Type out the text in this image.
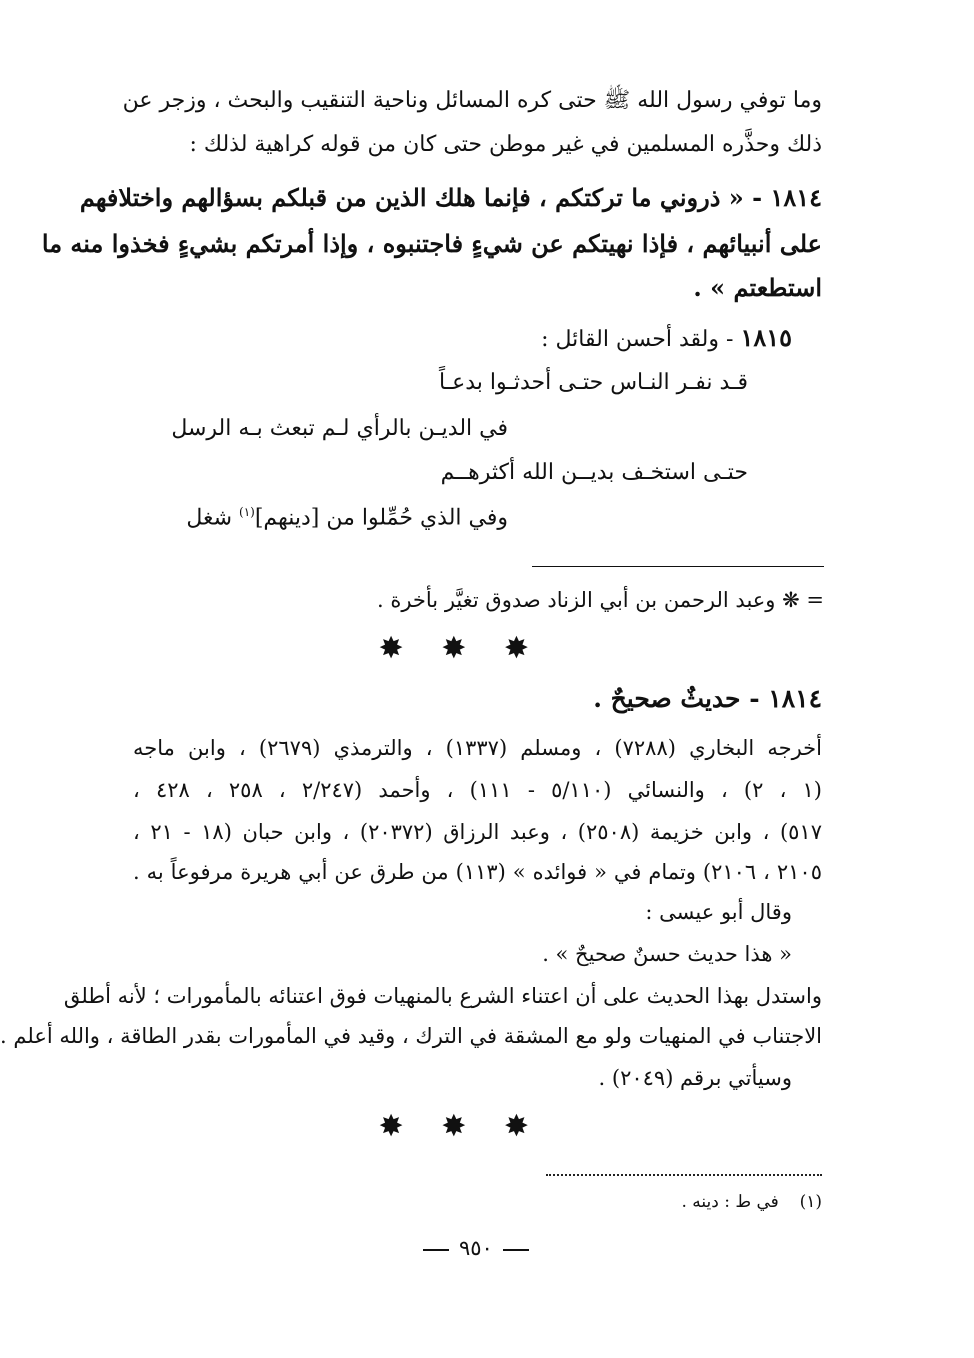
وما توفي رسول الله ﷺ حتى كره المسائل وناحية التنقيب والبحث ، وزجر عن
ذلك وحذَّره المسلمين في غير موطن حتى كان من قوله كراهية لذلك :
١٨١٤ - « ذروني ما تركتكم ، فإنما هلك الذين من قبلكم بسؤالهم واختلافهم
على أنبيائهم ، فإذا نهيتكم عن شيءٍ فاجتنبوه ، وإذا أمرتكم بشيءٍ فخذوا منه ما
استطعتم » .
١٨١٥ - ولقد أحسن القائل :
قـد نفـر النـاس حتـى أحدثـوا بدعـاً
في الديـن بالرأي لـم تبعث بـه الرسل
حتـى استخـف بديــن الله أكثرهــم
وفي الذي حُمِّلوا من [دينهم]$^{(١)}$ شغل
= ❋ وعبد الرحمن بن أبي الزناد صدوق تغيَّر بأخرة .
✸ ✸ ✸
١٨١٤ - حديثٌ صحيحٌ .
أخرجه البخاري (٧٢٨٨) ، ومسلم (١٣٣٧) ، والترمذي (٢٦٧٩) ، وابن ماجه
(١ ، ٢) ، والنسائي (٥/١١٠ - ١١١) ، وأحمد (٢/٢٤٧ ، ٢٥٨ ، ٤٢٨ ،
٥١٧) ، وابن خزيمة (٢٥٠٨) ، وعبد الرزاق (٢٠٣٧٢) ، وابن حبان (١٨ - ٢١ ،
٢١٠٥ ، ٢١٠٦) وتمام في « فوائده » (١١٣) من طرق عن أبي هريرة مرفوعاً به .
وقال أبو عيسى :
« هذا حديث حسنٌ صحيحٌ » .
واستدل بهذا الحديث على أن اعتناء الشرع بالمنهيات فوق اعتنائه بالمأمورات ؛ لأنه أطلق
الاجتناب في المنهيات ولو مع المشقة في الترك ، وقيد في المأمورات بقدر الطاقة ، والله أعلم .
وسيأتي برقم (٢٠٤٩) .
✸ ✸ ✸
(١)  في ط : دينه .
٩٥٠
